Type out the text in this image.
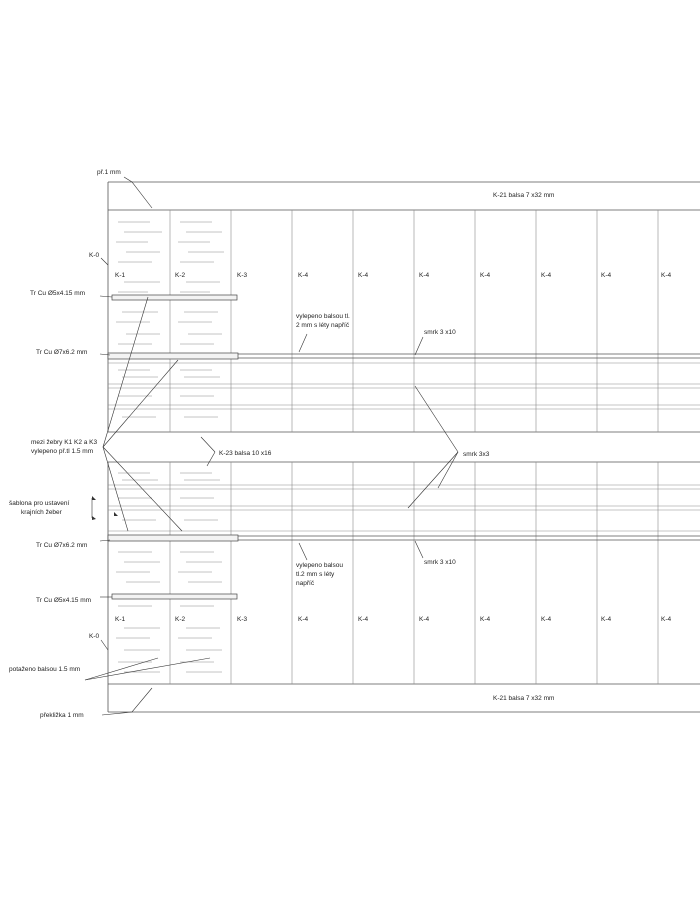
K-1	K-2	K-3	K-4	K-4	K-4	K-4	K-4	K-4	K-4
K-1	K-2	K-3	K-4	K-4	K-4	K-4	K-4	K-4	K-4
př.1 mm
K-21 balsa 7 x32 mm
K-0
Tr Cu Ø5x4.15 mm
vylepeno balsou tl.
2 mm s léty napříč
smrk 3 x10
Tr Cu Ø7x6.2 mm
mezi žebry K1 K2 a K3
vylepeno př.tl 1.5 mm	K-23 balsa 10 x16	smrk 3x3
šablona pro ustavení
krajních žeber
Tr Cu Ø7x6.2 mm
vylepeno balsou
tl.2 mm s léty
napříč
smrk 3 x10
Tr Cu Ø5x4.15 mm
K-0
potaženo balsou 1.5 mm
K-21 balsa 7 x32 mm
překližka 1 mm
